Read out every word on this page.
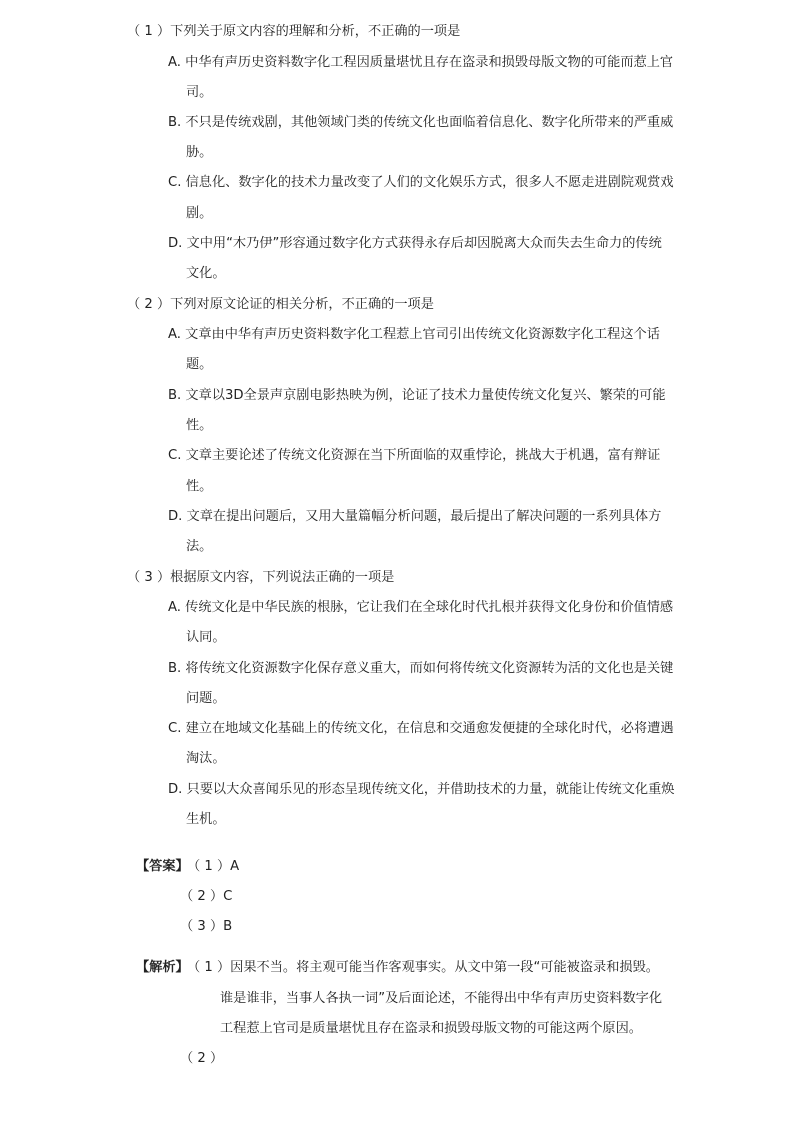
（ 1 ）下列关于原文内容的理解和分析，不正确的一项是
A. 中华有声历史资料数字化工程因质量堪忧且存在盗录和损毁母版文物的可能而惹上官
司。
B. 不只是传统戏剧，其他领域门类的传统文化也面临着信息化、数字化所带来的严重威
胁。
C. 信息化、数字化的技术力量改变了人们的文化娱乐方式，很多人不愿走进剧院观赏戏
剧。
D. 文中用“木乃伊”形容通过数字化方式获得永存后却因脱离大众而失去生命力的传统
文化。
（ 2 ）下列对原文论证的相关分析，不正确的一项是
A. 文章由中华有声历史资料数字化工程惹上官司引出传统文化资源数字化工程这个话
题。
B. 文章以3D全景声京剧电影热映为例，论证了技术力量使传统文化复兴、繁荣的可能
性。
C. 文章主要论述了传统文化资源在当下所面临的双重悖论，挑战大于机遇，富有辩证
性。
D. 文章在提出问题后，又用大量篇幅分析问题，最后提出了解决问题的一系列具体方
法。
（ 3 ）根据原文内容，下列说法正确的一项是
A. 传统文化是中华民族的根脉，它让我们在全球化时代扎根并获得文化身份和价值情感
认同。
B. 将传统文化资源数字化保存意义重大，而如何将传统文化资源转为活的文化也是关键
问题。
C. 建立在地域文化基础上的传统文化，在信息和交通愈发便捷的全球化时代，必将遭遇
淘汰。
D. 只要以大众喜闻乐见的形态呈现传统文化，并借助技术的力量，就能让传统文化重焕
生机。
【答案】
（ 1 ）A
（ 2 ）C
（ 3 ）B
【解析】
（ 1 ）因果不当。将主观可能当作客观事实。从文中第一段“可能被盗录和损毁。
谁是谁非，当事人各执一词”及后面论述，不能得出中华有声历史资料数字化
工程惹上官司是质量堪忧且存在盗录和损毁母版文物的可能这两个原因。
（ 2 ）
